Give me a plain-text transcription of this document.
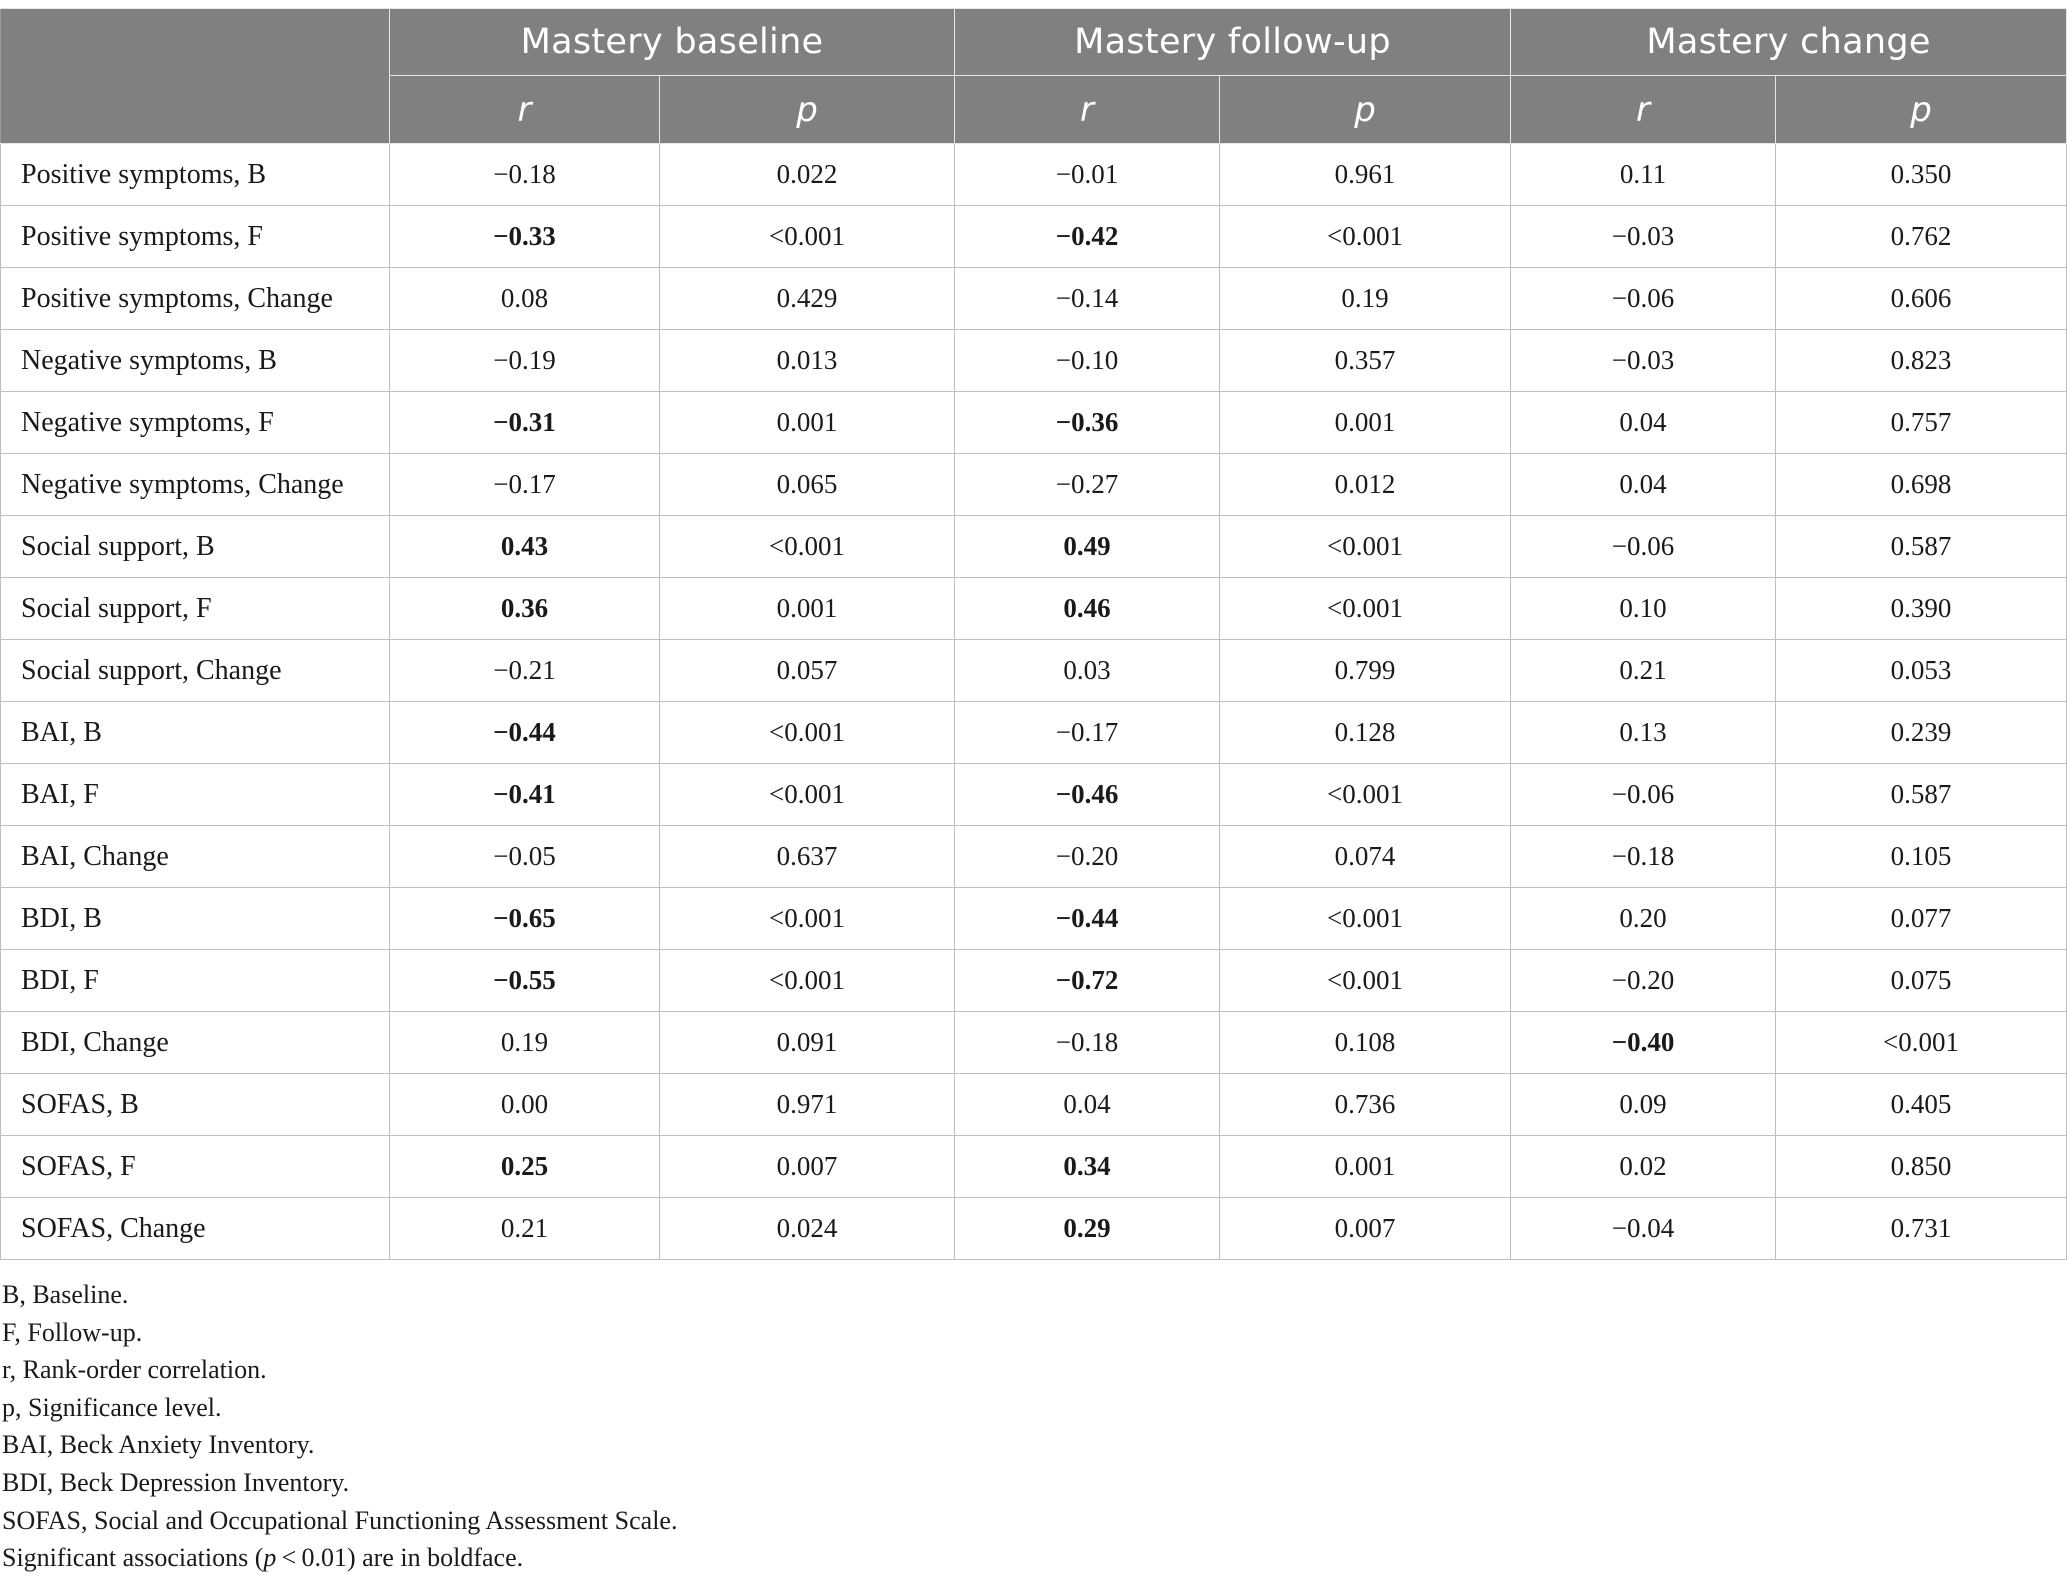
	Mastery baseline		Mastery follow-up		Mastery change	
	r	p	r	p	r	p
Positive symptoms, B	−0.18	0.022	−0.01	0.961	0.11	0.350
Positive symptoms, F	−0.33	<0.001	−0.42	<0.001	−0.03	0.762
Positive symptoms, Change	0.08	0.429	−0.14	0.19	−0.06	0.606
Negative symptoms, B	−0.19	0.013	−0.10	0.357	−0.03	0.823
Negative symptoms, F	−0.31	0.001	−0.36	0.001	0.04	0.757
Negative symptoms, Change	−0.17	0.065	−0.27	0.012	0.04	0.698
Social support, B	0.43	<0.001	0.49	<0.001	−0.06	0.587
Social support, F	0.36	0.001	0.46	<0.001	0.10	0.390
Social support, Change	−0.21	0.057	0.03	0.799	0.21	0.053
BAI, B	−0.44	<0.001	−0.17	0.128	0.13	0.239
BAI, F	−0.41	<0.001	−0.46	<0.001	−0.06	0.587
BAI, Change	−0.05	0.637	−0.20	0.074	−0.18	0.105
BDI, B	−0.65	<0.001	−0.44	<0.001	0.20	0.077
BDI, F	−0.55	<0.001	−0.72	<0.001	−0.20	0.075
BDI, Change	0.19	0.091	−0.18	0.108	−0.40	<0.001
SOFAS, B	0.00	0.971	0.04	0.736	0.09	0.405
SOFAS, F	0.25	0.007	0.34	0.001	0.02	0.850
SOFAS, Change	0.21	0.024	0.29	0.007	−0.04	0.731
B, Baseline.
F, Follow-up.
r, Rank-order correlation.
p, Significance level.
BAI, Beck Anxiety Inventory.
BDI, Beck Depression Inventory.
SOFAS, Social and Occupational Functioning Assessment Scale.
Significant associations (p < 0.01) are in boldface.
